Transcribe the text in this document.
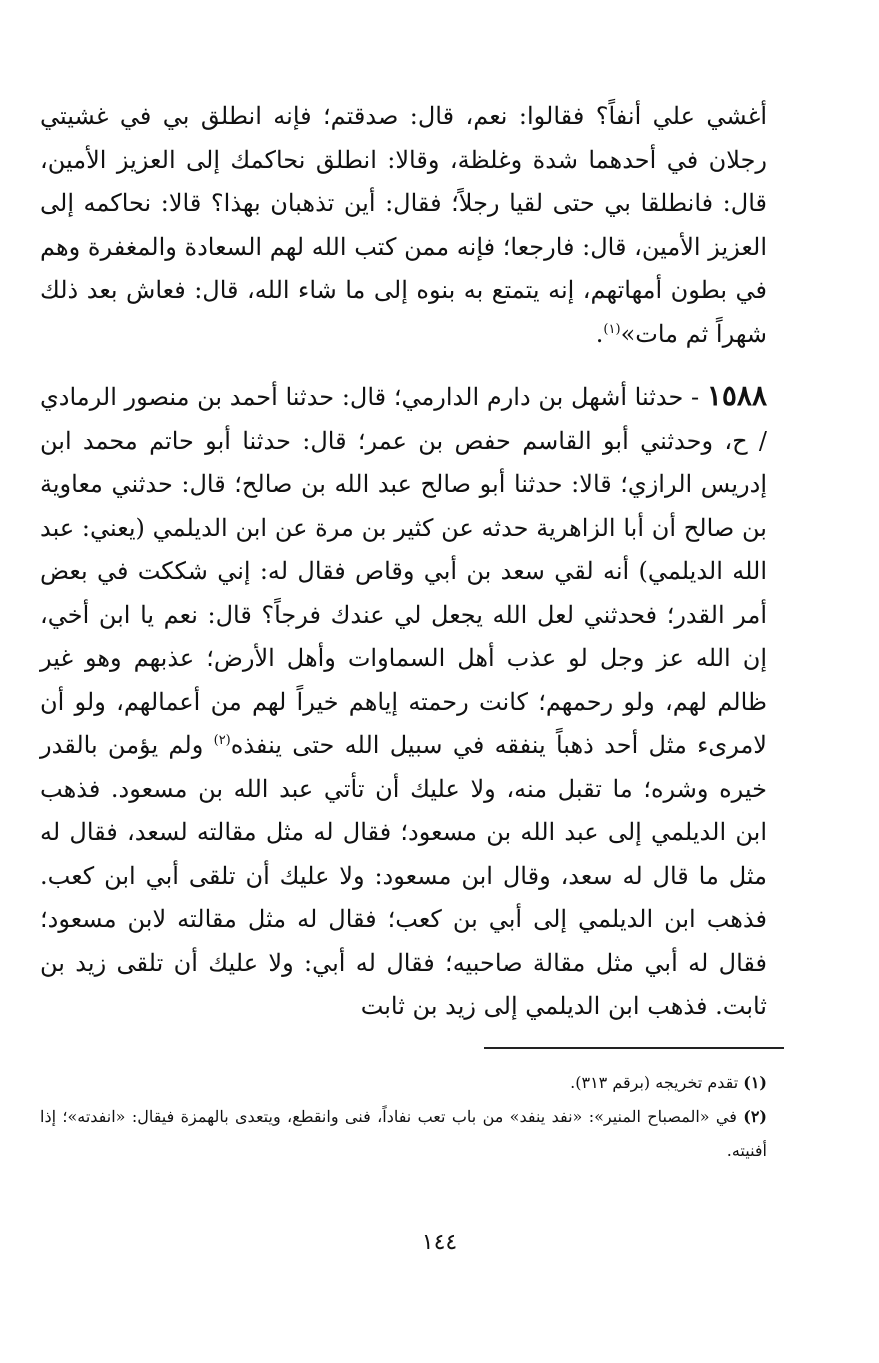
أغشي علي أنفاً؟ فقالوا: نعم، قال: صدقتم؛ فإنه انطلق بي في غشيتي رجلان في أحدهما شدة وغلظة، وقالا: انطلق نحاكمك إلى العزيز الأمين، قال: فانطلقا بي حتى لقيا رجلاً؛ فقال: أين تذهبان بهذا؟ قالا: نحاكمه إلى العزيز الأمين، قال: فارجعا؛ فإنه ممن كتب الله لهم السعادة والمغفرة وهم في بطون أمهاتهم، إنه يتمتع به بنوه إلى ما شاء الله، قال: فعاش بعد ذلك شهراً ثم مات»$^{(١)}$.

١٥٨٨ - حدثنا أشهل بن دارم الدارمي؛ قال: حدثنا أحمد بن منصور الرمادي / ح، وحدثني أبو القاسم حفص بن عمر؛ قال: حدثنا أبو حاتم محمد ابن إدريس الرازي؛ قالا: حدثنا أبو صالح عبد الله بن صالح؛ قال: حدثني معاوية بن صالح أن أبا الزاهرية حدثه عن كثير بن مرة عن ابن الديلمي (يعني: عبد الله الديلمي) أنه لقي سعد بن أبي وقاص فقال له: إني شككت في بعض أمر القدر؛ فحدثني لعل الله يجعل لي عندك فرجاً؟ قال: نعم يا ابن أخي، إن الله عز وجل لو عذب أهل السماوات وأهل الأرض؛ عذبهم وهو غير ظالم لهم، ولو رحمهم؛ كانت رحمته إياهم خيراً لهم من أعمالهم، ولو أن لامرىء مثل أحد ذهباً ينفقه في سبيل الله حتى ينفذه$^{(٢)}$ ولم يؤمن بالقدر خيره وشره؛ ما تقبل منه، ولا عليك أن تأتي عبد الله بن مسعود. فذهب ابن الديلمي إلى عبد الله بن مسعود؛ فقال له مثل مقالته لسعد، فقال له مثل ما قال له سعد، وقال ابن مسعود: ولا عليك أن تلقى أبي ابن كعب. فذهب ابن الديلمي إلى أبي بن كعب؛ فقال له مثل مقالته لابن مسعود؛ فقال له أبي مثل مقالة صاحبيه؛ فقال له أبي: ولا عليك أن تلقى زيد بن ثابت. فذهب ابن الديلمي إلى زيد بن ثابت

(١) تقدم تخريجه (برقم ٣١٣).

(٢) في «المصباح المنير»: «نفد ينفد» من باب تعب نفاداً، فنى وانقطع، ويتعدى بالهمزة فيقال: «انفدته»؛ إذا أفنيته.

١٤٤
